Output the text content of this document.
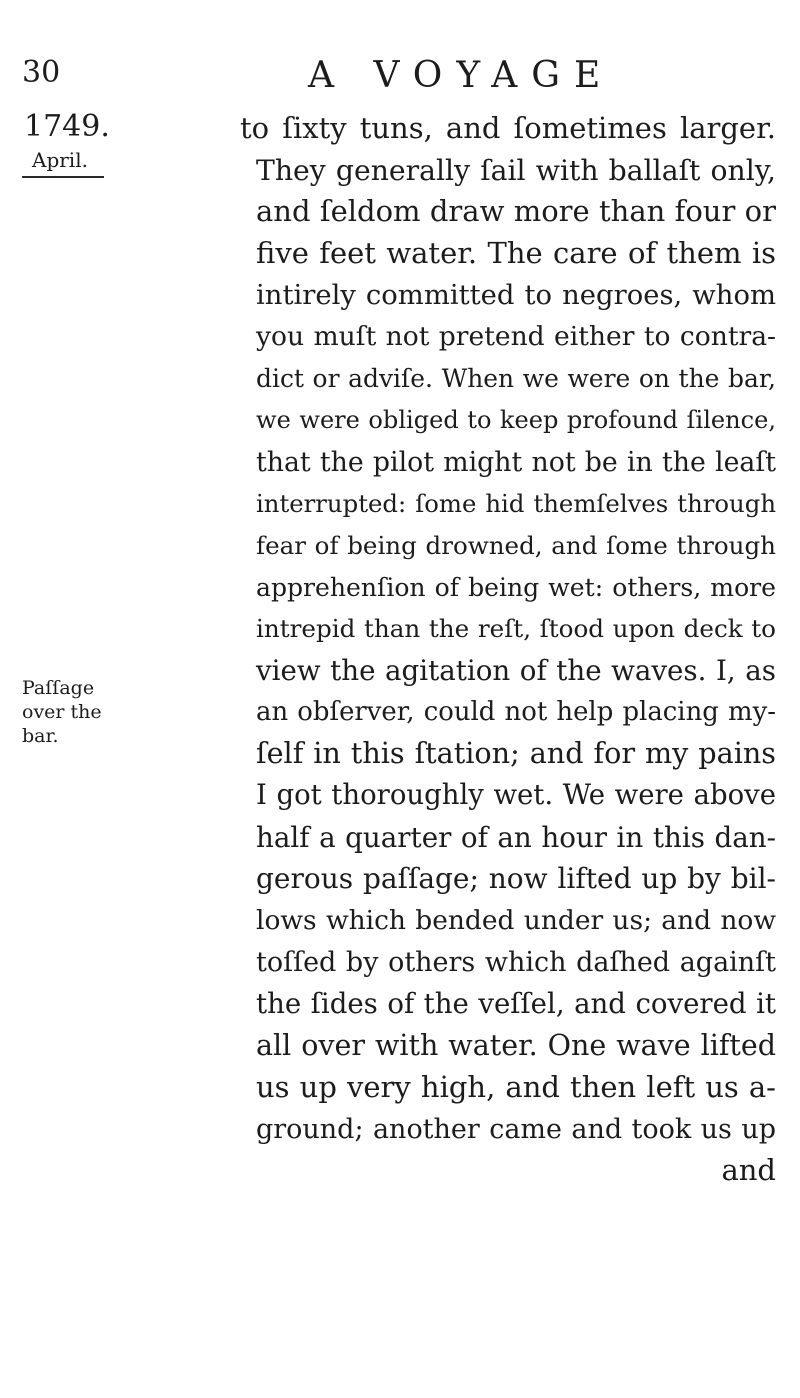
30	A VOYAGE
1749.
April.
Paſſage
over the
bar.
to ſixty tuns, and ſometimes larger.
They generally ſail with ballaſt only,
and ſeldom draw more than four or
five feet water. The care of them is
intirely committed to negroes, whom
you muſt not pretend either to contra-
dict or adviſe. When we were on the bar,
we were obliged to keep profound ſilence,
that the pilot might not be in the leaſt
interrupted: ſome hid themſelves through
fear of being drowned, and ſome through
apprehenſion of being wet: others, more
intrepid than the reſt, ſtood upon deck to
view the agitation of the waves. I, as
an obſerver, could not help placing my-
ſelf in this ſtation; and for my pains
I got thoroughly wet. We were above
half a quarter of an hour in this dan-
gerous paſſage; now lifted up by bil-
lows which bended under us; and now
toſſed by others which daſhed againſt
the ſides of the veſſel, and covered it
all over with water. One wave lifted
us up very high, and then left us a-
ground; another came and took us up
and
